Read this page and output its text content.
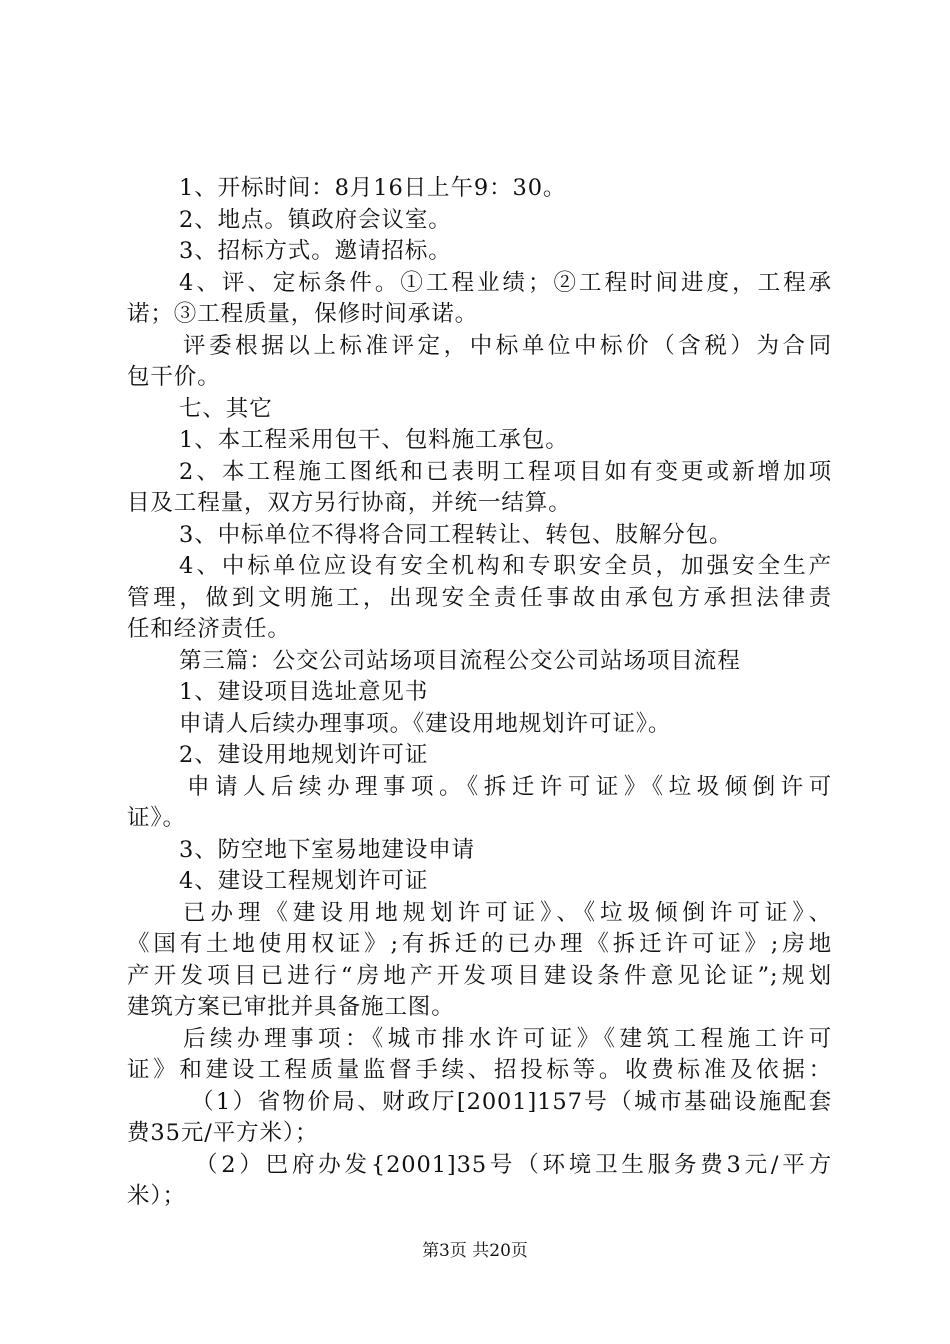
1、开标时间：8月16日上午9：30。
2、地点。镇政府会议室。
3、招标方式。邀请招标。
4、评、定标条件。①工程业绩；②工程时间进度，工程承
诺；③工程质量，保修时间承诺。
评委根据以上标准评定，中标单位中标价（含税）为合同
包干价。
七、其它
1、本工程采用包干、包料施工承包。
2、本工程施工图纸和已表明工程项目如有变更或新增加项
目及工程量，双方另行协商，并统一结算。
3、中标单位不得将合同工程转让、转包、肢解分包。
4、中标单位应设有安全机构和专职安全员，加强安全生产
管理，做到文明施工，出现安全责任事故由承包方承担法律责
任和经济责任。
第三篇：公交公司站场项目流程公交公司站场项目流程
1、建设项目选址意见书
申请人后续办理事项。《建设用地规划许可证》。
2、建设用地规划许可证
申请人后续办理事项。《拆迁许可证》《垃圾倾倒许可
证》。
3、防空地下室易地建设申请
4、建设工程规划许可证
已办理《建设用地规划许可证》、《垃圾倾倒许可证》、
《国有土地使用权证》;有拆迁的已办理《拆迁许可证》;房地
产开发项目已进行“房地产开发项目建设条件意见论证”;规划
建筑方案已审批并具备施工图。
后续办理事项：《城市排水许可证》《建筑工程施工许可
证》和建设工程质量监督手续、招投标等。收费标准及依据：
（1）省物价局、财政厅[2001]157号（城市基础设施配套
费35元/平方米）；
（2）巴府办发{2001]35号（环境卫生服务费3元/平方
米）；
第3页 共20页
